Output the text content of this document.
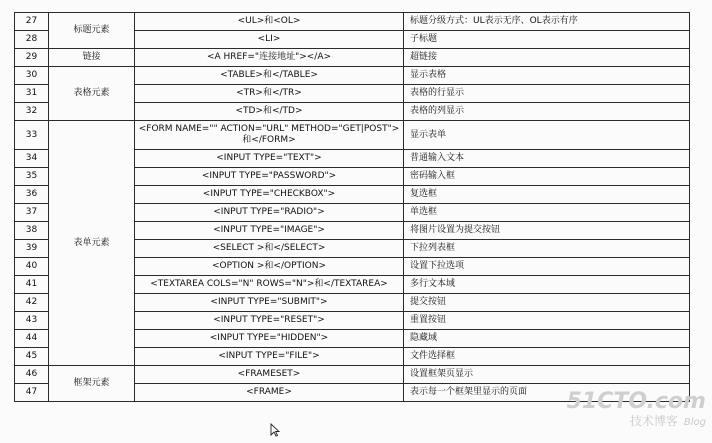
27	标题元素	<UL>和<OL>	标题分级方式：UL表示无序、OL表示有序
28		<LI>	子标题
29	链接	<A HREF="连接地址"></A>	超链接
30	表格元素	<TABLE>和</TABLE>	显示表格
31		<TR>和</TR>	表格的行显示
32		<TD>和</TD>	表格的列显示
33	表单元素	<FORM NAME="" ACTION="URL" METHOD="GET|POST">和</FORM>	显示表单
34		<INPUT TYPE="TEXT">	普通输入文本
35		<INPUT TYPE="PASSWORD">	密码输入框
36		<INPUT TYPE="CHECKBOX">	复选框
37		<INPUT TYPE="RADIO">	单选框
38		<INPUT TYPE="IMAGE">	将图片设置为提交按钮
39		<SELECT >和</SELECT>	下拉列表框
40		<OPTION >和</OPTION>	设置下拉选项
41		<TEXTAREA COLS="N" ROWS="N">和</TEXTAREA>	多行文本域
42		<INPUT TYPE="SUBMIT">	提交按钮
43		<INPUT TYPE="RESET">	重置按钮
44		<INPUT TYPE="HIDDEN">	隐藏域
45		<INPUT TYPE="FILE">	文件选择框
46	框架元素	<FRAMESET>	设置框架页显示
47		<FRAME>	表示每一个框架里显示的页面 51CTO.com
技术博客 Blog
